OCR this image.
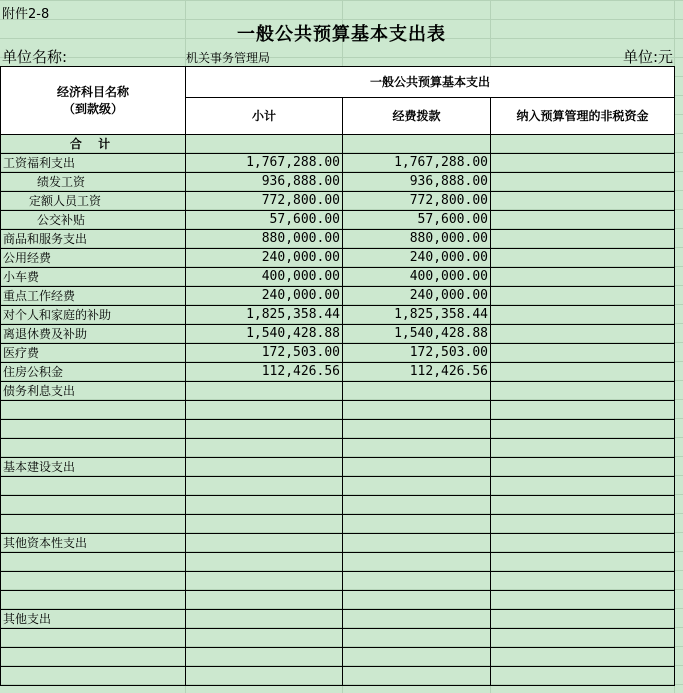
附件2-8
一般公共预算基本支出表
单位名称:	机关事务管理局	单位:元
经济科目名称
（到款级）	一般公共预算基本支出		
	小计	经费拨款	纳入预算管理的非税资金
合 计			
工资福利支出	1,767,288.00	1,767,288.00	
绩发工资	936,888.00	936,888.00	
定额人员工资	772,800.00	772,800.00	
公交补贴	57,600.00	57,600.00	
商品和服务支出	880,000.00	880,000.00	
公用经费	240,000.00	240,000.00	
小车费	400,000.00	400,000.00	
重点工作经费	240,000.00	240,000.00	
对个人和家庭的补助	1,825,358.44	1,825,358.44	
离退休费及补助	1,540,428.88	1,540,428.88	
医疗费	172,503.00	172,503.00	
住房公积金	112,426.56	112,426.56	
债务利息支出			

基本建设支出			

其他资本性支出			

其他支出			
